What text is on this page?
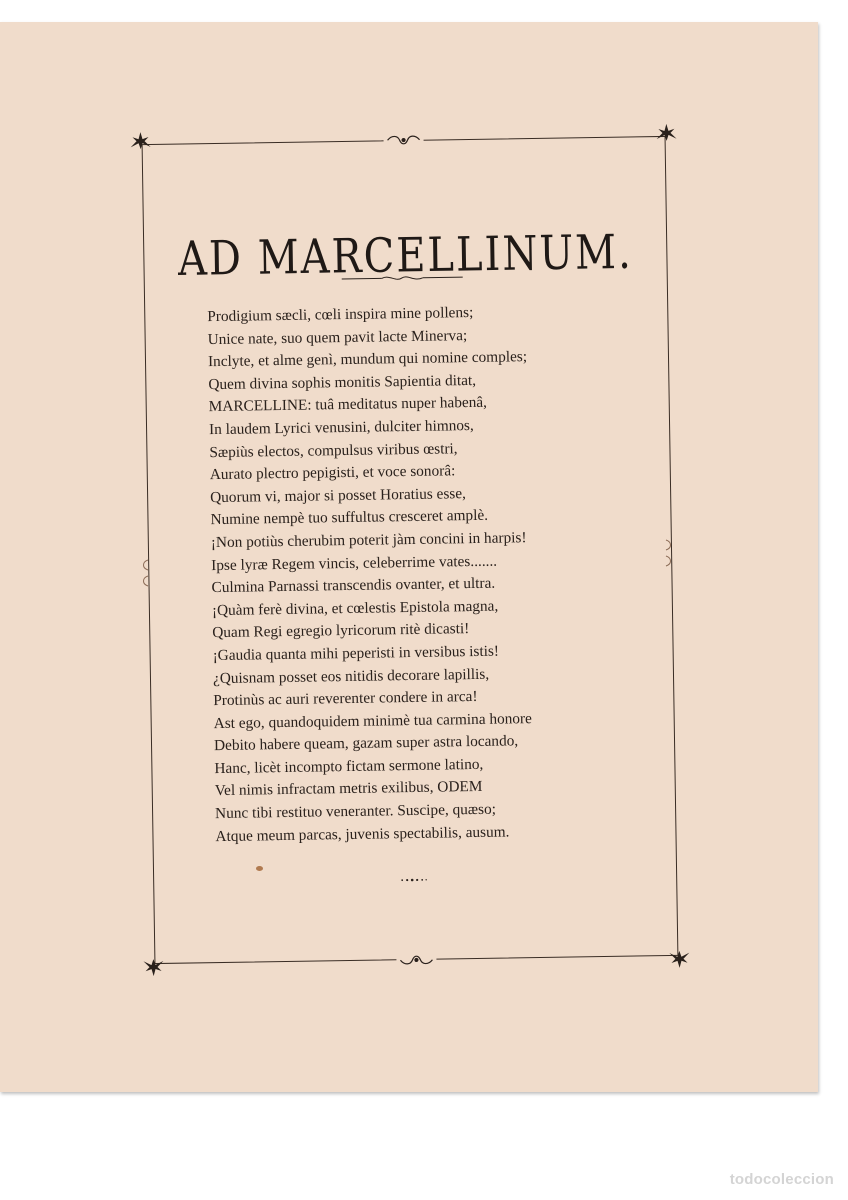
AD MARCELLINUM.
Prodigium sæcli, cœli inspira mine pollens;
Unice nate, suo quem pavit lacte Minerva;
Inclyte, et alme genì, mundum qui nomine comples;
Quem divina sophis monitis Sapientia ditat,
MARCELLINE: tuâ meditatus nuper habenâ,
In laudem Lyrici venusini, dulciter himnos,
Sæpiùs electos, compulsus viribus œstri,
Aurato plectro pepigisti, et voce sonorâ:
Quorum vi, major si posset Horatius esse,
Numine nempè tuo suffultus cresceret amplè.
¡Non potiùs cherubim poterit jàm concini in harpis!
Ipse lyræ Regem vincis, celeberrime vates.......
Culmina Parnassi transcendis ovanter, et ultra.
¡Quàm ferè divina, et cœlestis Epistola magna,
Quam Regi egregio lyricorum ritè dicasti!
¡Gaudia quanta mihi peperisti in versibus istis!
¿Quisnam posset eos nitidis decorare lapillis,
Protinùs ac auri reverenter condere in arca!
Ast ego, quandoquidem minimè tua carmina honore
Debito habere queam, gazam super astra locando,
Hanc, licèt incompto fictam sermone latino,
Vel nimis infractam metris exilibus, ODEM
Nunc tibi restituo veneranter. Suscipe, quæso;
Atque meum parcas, juvenis spectabilis, ausum.
todocoleccion
